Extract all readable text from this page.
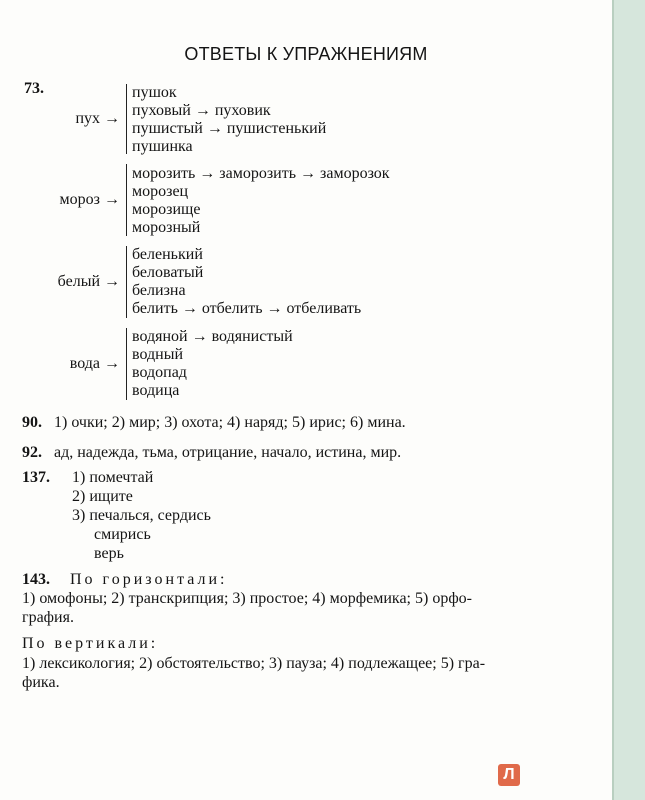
ОТВЕТЫ К УПРАЖНЕНИЯМ
73.
пух →
пушок
пуховый → пуховик
пушистый → пушистенький
пушинка
мороз →
морозить → заморозить → заморозок
морозец
морозище
морозный
белый →
беленький
беловатый
белизна
белить → отбелить → отбеливать
вода →
водяной → водянистый
водный
водопад
водица
90. 1) очки; 2) мир; 3) охота; 4) наряд; 5) ирис; 6) мина.
92. ад, надежда, тьма, отрицание, начало, истина, мир.
137. 1) помечтай
2) ищите
3) печалься, сердись
смирись
верь
143. По горизонтали:
1) омофоны; 2) транскрипция; 3) простое; 4) морфемика; 5) орфо-
графия.
По вертикали:
1) лексикология; 2) обстоятельство; 3) пауза; 4) подлежащее; 5) гра-
фика.
Л
